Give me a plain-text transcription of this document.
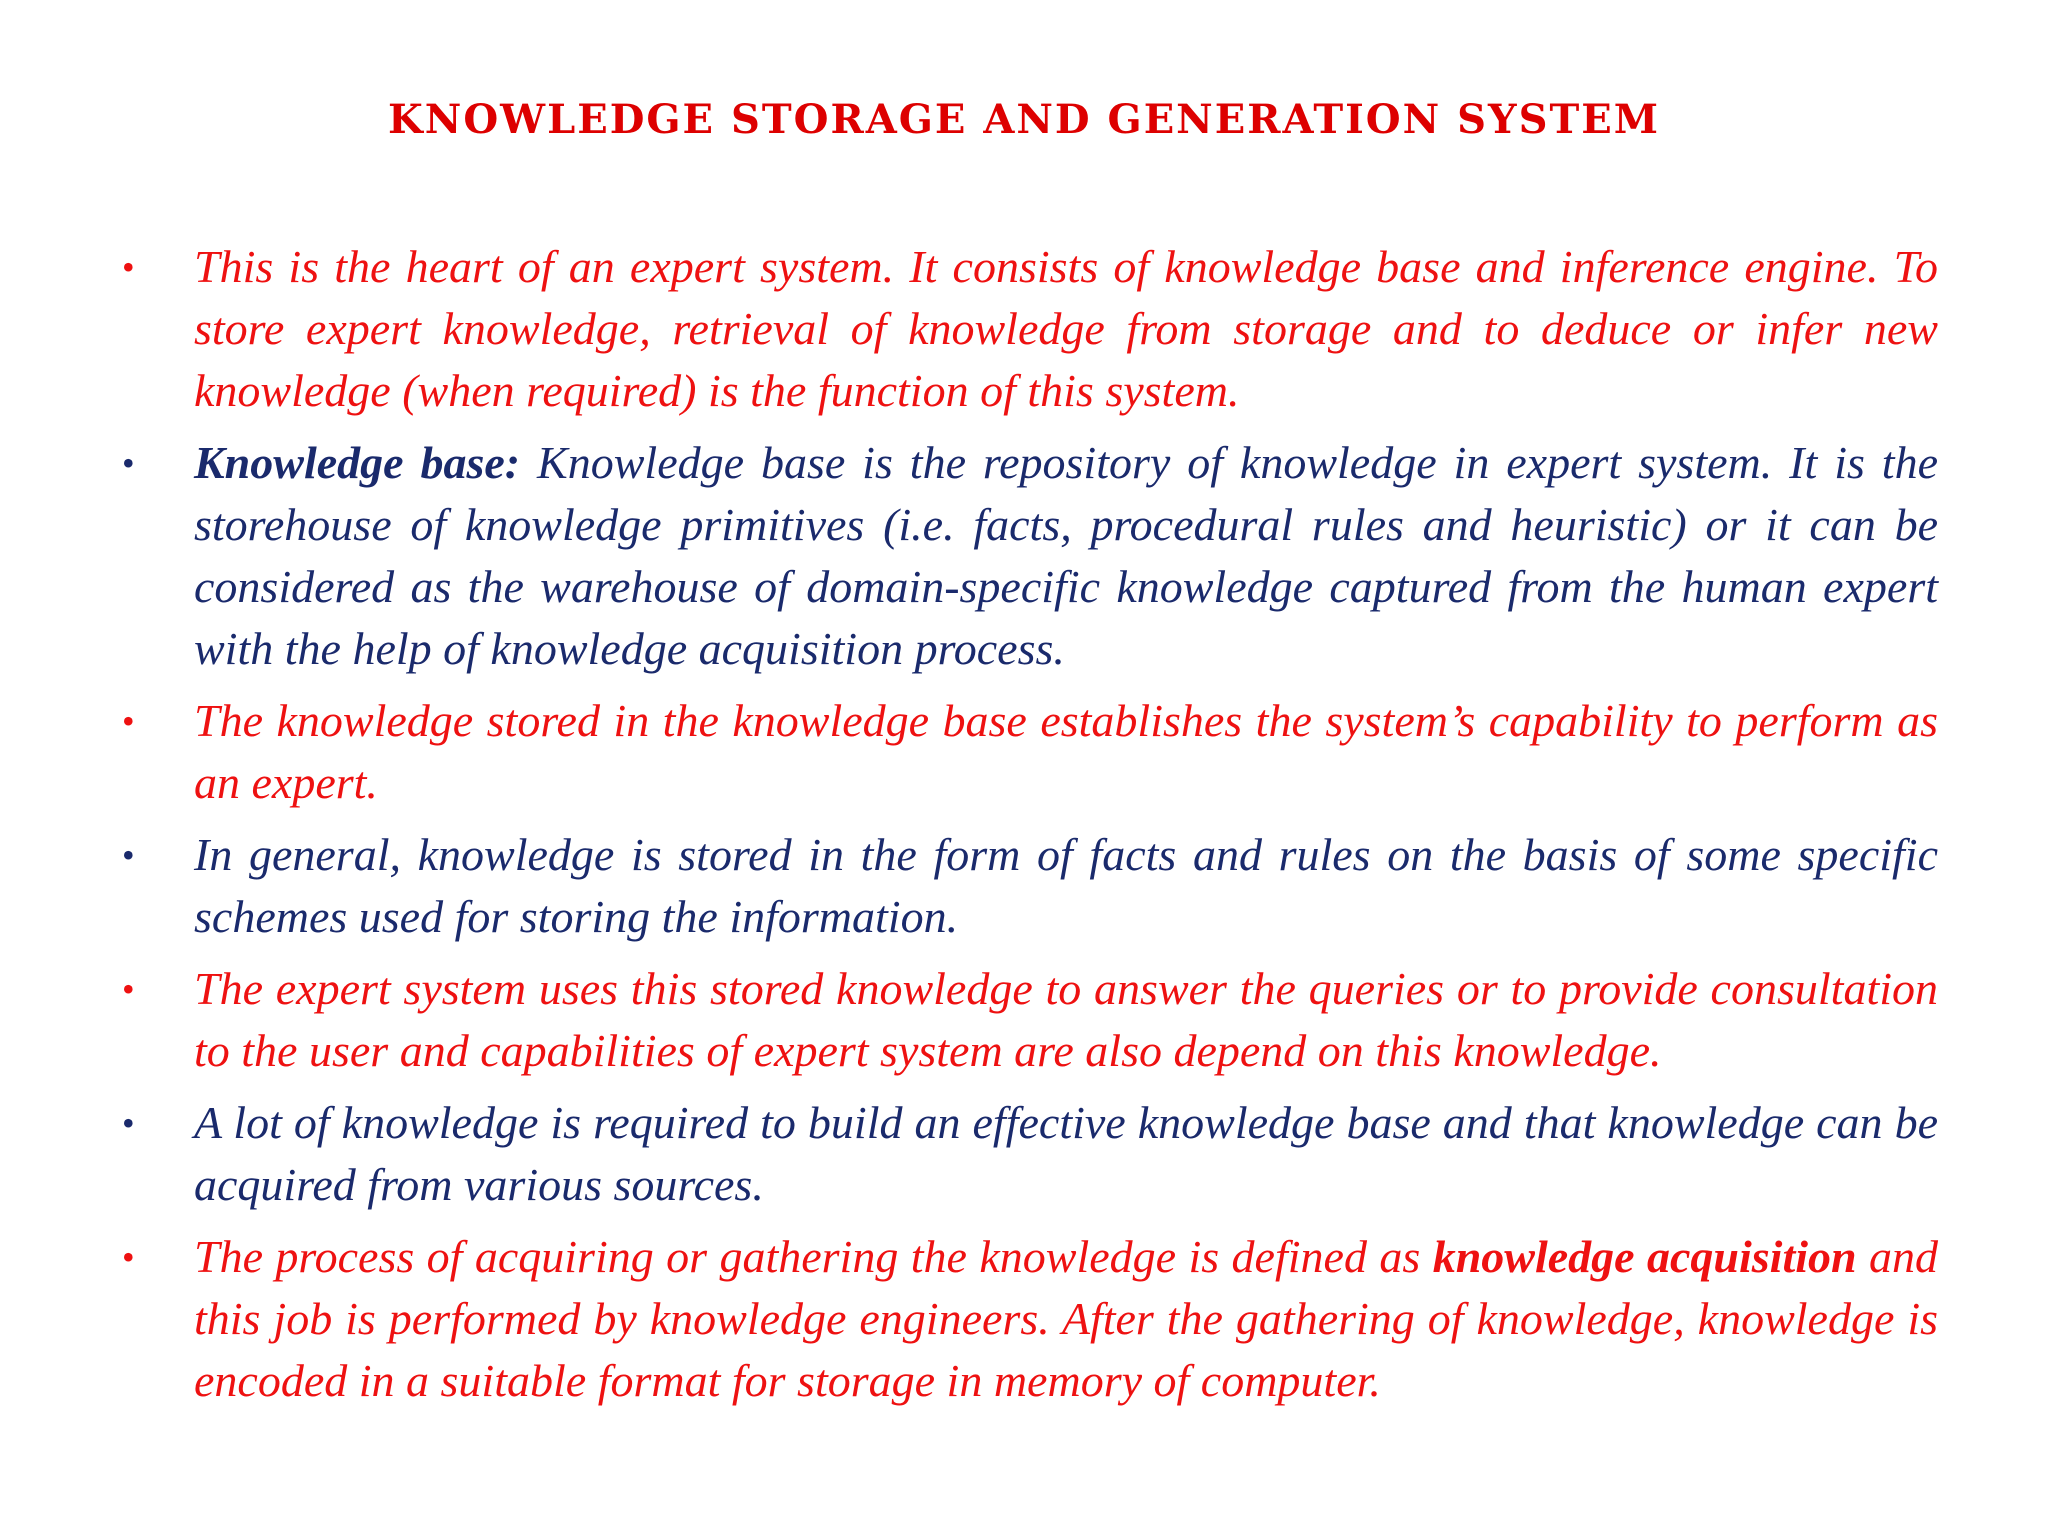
KNOWLEDGE STORAGE AND GENERATION SYSTEM
• This is the heart of an expert system. It consists of knowledge base and inference engine. To store expert knowledge, retrieval of knowledge from storage and to deduce or infer new knowledge (when required) is the function of this system.
• Knowledge base: Knowledge base is the repository of knowledge in expert system. It is the storehouse of knowledge primitives (i.e. facts, procedural rules and heuristic) or it can be considered as the warehouse of domain-specific knowledge captured from the human expert with the help of knowledge acquisition process.
• The knowledge stored in the knowledge base establishes the system’s capability to perform as an expert.
• In general, knowledge is stored in the form of facts and rules on the basis of some specific schemes used for storing the information.
• The expert system uses this stored knowledge to answer the queries or to provide consultation to the user and capabilities of expert system are also depend on this knowledge.
• A lot of knowledge is required to build an effective knowledge base and that knowledge can be acquired from various sources.
• The process of acquiring or gathering the knowledge is defined as knowledge acquisition and this job is performed by knowledge engineers. After the gathering of knowledge, knowledge is encoded in a suitable format for storage in memory of computer.
